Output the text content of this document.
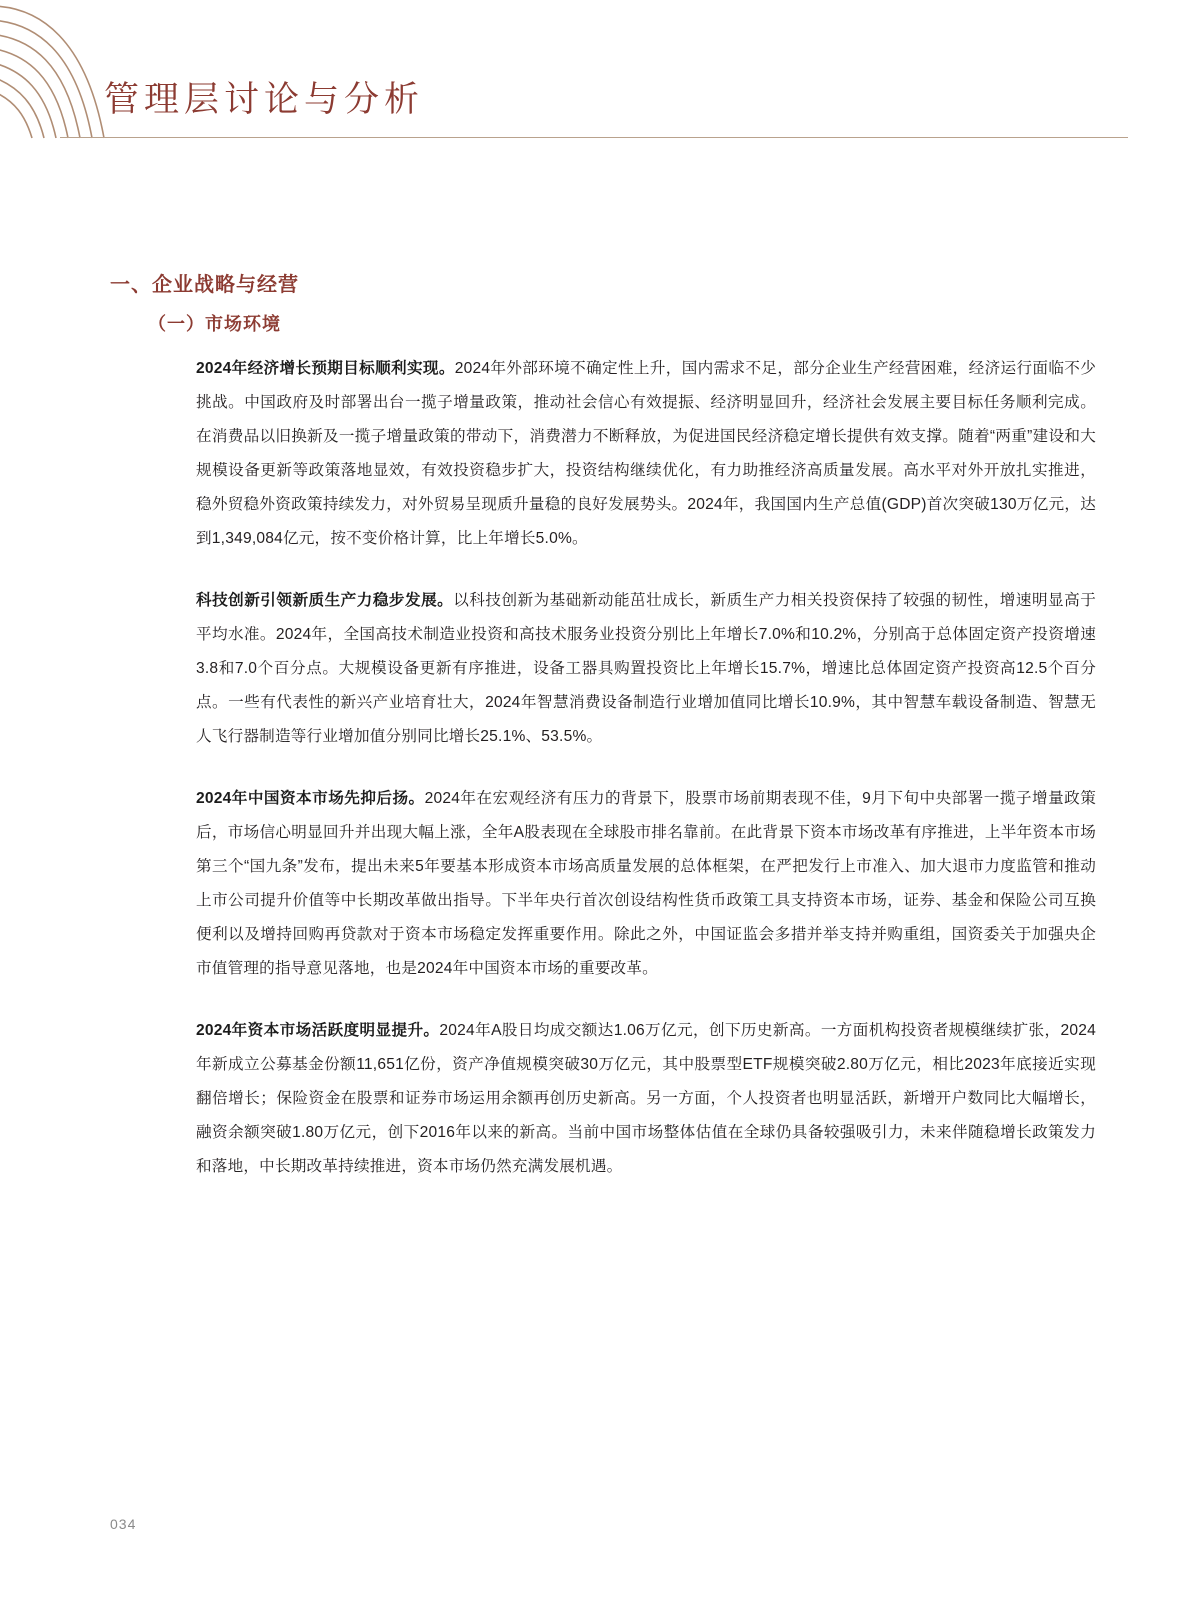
管理层讨论与分析
一、企业战略与经营
（一）市场环境

2024年经济增长预期目标顺利实现。2024年外部环境不确定性上升，国内需求不足，部分企业生产经营困难，经济运行面临不少挑战。中国政府及时部署出台一揽子增量政策，推动社会信心有效提振、经济明显回升，经济社会发展主要目标任务顺利完成。在消费品以旧换新及一揽子增量政策的带动下，消费潜力不断释放，为促进国民经济稳定增长提供有效支撑。随着“两重”建设和大规模设备更新等政策落地显效，有效投资稳步扩大，投资结构继续优化，有力助推经济高质量发展。高水平对外开放扎实推进，稳外贸稳外资政策持续发力，对外贸易呈现质升量稳的良好发展势头。2024年，我国国内生产总值(GDP)首次突破130万亿元，达到1,349,084亿元，按不变价格计算，比上年增长5.0%。

科技创新引领新质生产力稳步发展。以科技创新为基础新动能茁壮成长，新质生产力相关投资保持了较强的韧性，增速明显高于平均水准。2024年，全国高技术制造业投资和高技术服务业投资分别比上年增长7.0%和10.2%，分别高于总体固定资产投资增速3.8和7.0个百分点。大规模设备更新有序推进，设备工器具购置投资比上年增长15.7%，增速比总体固定资产投资高12.5个百分点。一些有代表性的新兴产业培育壮大，2024年智慧消费设备制造行业增加值同比增长10.9%，其中智慧车载设备制造、智慧无人飞行器制造等行业增加值分别同比增长25.1%、53.5%。

2024年中国资本市场先抑后扬。2024年在宏观经济有压力的背景下，股票市场前期表现不佳，9月下旬中央部署一揽子增量政策后，市场信心明显回升并出现大幅上涨，全年A股表现在全球股市排名靠前。在此背景下资本市场改革有序推进，上半年资本市场第三个“国九条”发布，提出未来5年要基本形成资本市场高质量发展的总体框架，在严把发行上市准入、加大退市力度监管和推动上市公司提升价值等中长期改革做出指导。下半年央行首次创设结构性货币政策工具支持资本市场，证券、基金和保险公司互换便利以及增持回购再贷款对于资本市场稳定发挥重要作用。除此之外，中国证监会多措并举支持并购重组，国资委关于加强央企市值管理的指导意见落地，也是2024年中国资本市场的重要改革。

2024年资本市场活跃度明显提升。2024年A股日均成交额达1.06万亿元，创下历史新高。一方面机构投资者规模继续扩张，2024年新成立公募基金份额11,651亿份，资产净值规模突破30万亿元，其中股票型ETF规模突破2.80万亿元，相比2023年底接近实现翻倍增长；保险资金在股票和证券市场运用余额再创历史新高。另一方面，个人投资者也明显活跃，新增开户数同比大幅增长，融资余额突破1.80万亿元，创下2016年以来的新高。当前中国市场整体估值在全球仍具备较强吸引力，未来伴随稳增长政策发力和落地，中长期改革持续推进，资本市场仍然充满发展机遇。

034
